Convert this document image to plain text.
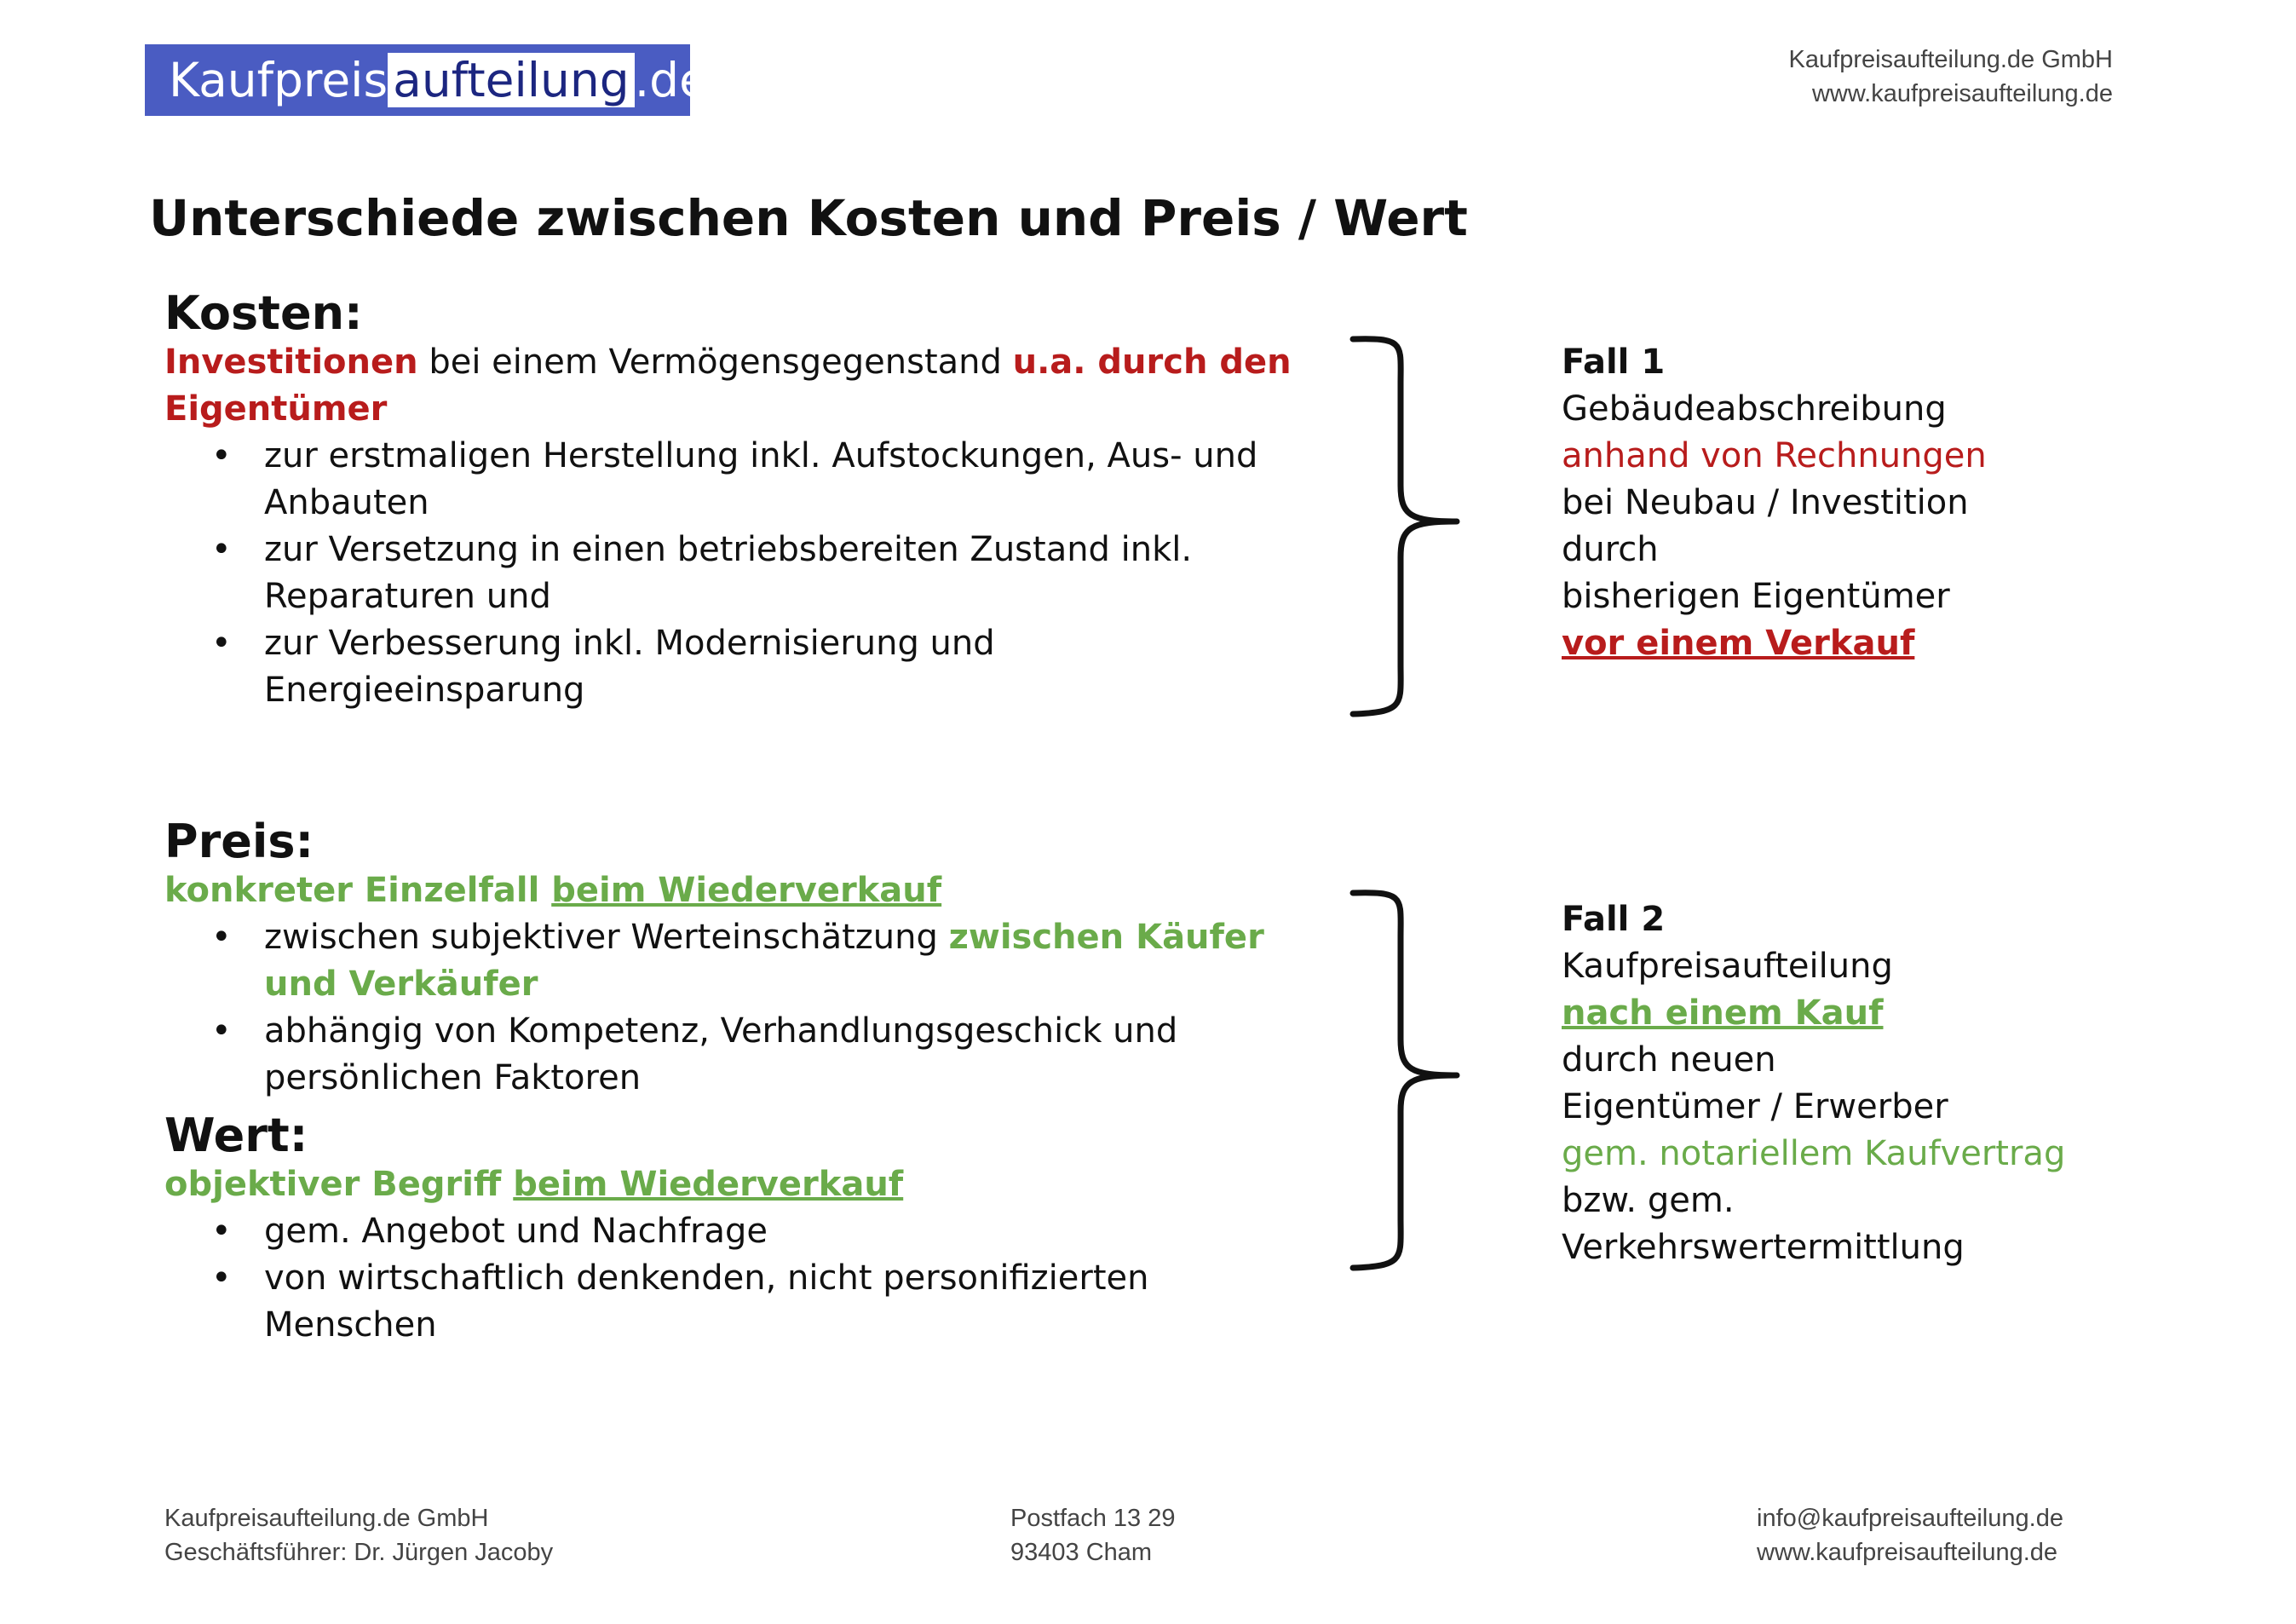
Kaufpreis aufteilung .de	Kaufpreisaufteilung.de GmbH
www.kaufpreisaufteilung.de
Unterschiede zwischen Kosten und Preis / Wert
Kosten:
Investitionen bei einem Vermögensgegenstand u.a. durch den Eigentümer
• zur erstmaligen Herstellung inkl. Aufstockungen, Aus- und Anbauten
• zur Versetzung in einen betriebsbereiten Zustand inkl. Reparaturen und
• zur Verbesserung inkl. Modernisierung und Energieeinsparung
Preis:
konkreter Einzelfall beim Wiederverkauf
• zwischen subjektiver Werteinschätzung zwischen Käufer und Verkäufer
• abhängig von Kompetenz, Verhandlungsgeschick und persönlichen Faktoren
Wert:
objektiver Begriff beim Wiederverkauf
• gem. Angebot und Nachfrage
• von wirtschaftlich denkenden, nicht personifizierten Menschen
Fall 1
Gebäudeabschreibung
anhand von Rechnungen
bei Neubau / Investition
durch
bisherigen Eigentümer
vor einem Verkauf
Fall 2
Kaufpreisaufteilung
nach einem Kauf
durch neuen
Eigentümer / Erwerber
gem. notariellem Kaufvertrag
bzw. gem.
Verkehrswertermittlung
Kaufpreisaufteilung.de GmbH
Geschäftsführer: Dr. Jürgen Jacoby
Postfach 13 29
93403 Cham
info@kaufpreisaufteilung.de
www.kaufpreisaufteilung.de
